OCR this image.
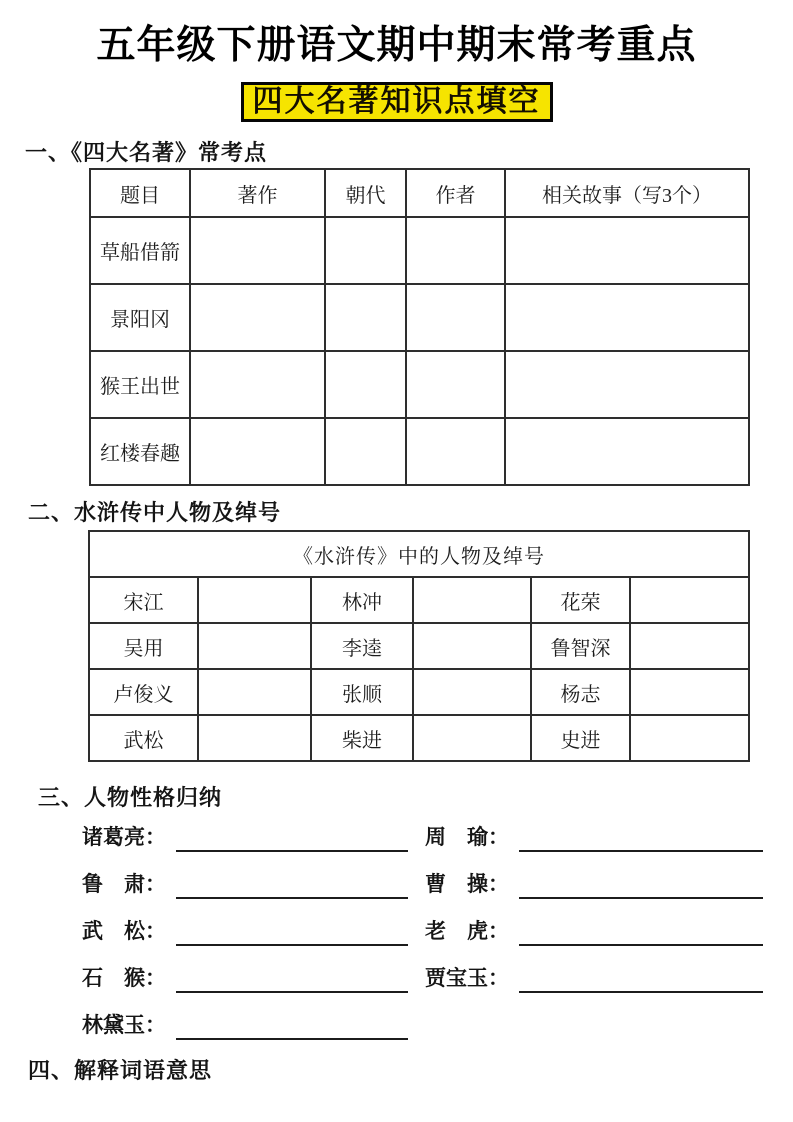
五年级下册语文期中期末常考重点
四大名著知识点填空
一、《四大名著》常考点
题目	著作	朝代	作者	相关故事（写3个）
草船借箭				
景阳冈				
猴王出世				
红楼春趣				
二、水浒传中人物及绰号
《水浒传》中的人物及绰号					
宋江		林冲		花荣	
吴用		李逵		鲁智深	
卢俊义		张顺		杨志	
武松		柴进		史进	
三、人物性格归纳
诸葛亮：	周　瑜：
鲁　肃：	曹　操：
武　松：	老　虎：
石　猴：	贾宝玉：
林黛玉：
四、解释词语意思
